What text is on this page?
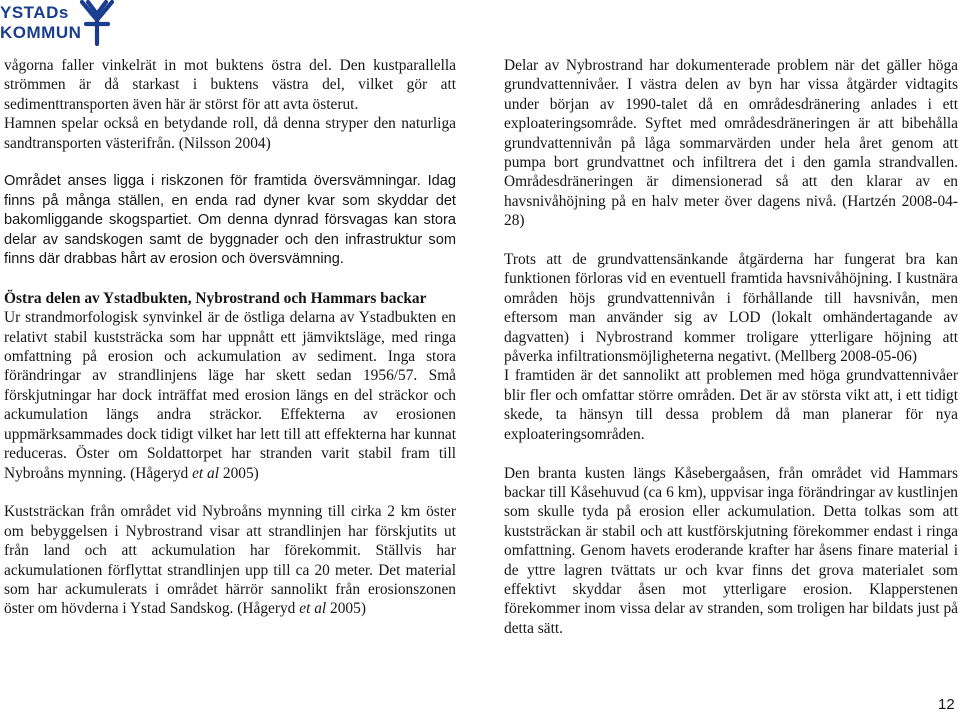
YSTADs
KOMMUN

vågorna faller vinkelrät in mot buktens östra del. Den kustparallella strömmen är då starkast i buktens västra del, vilket gör att sedimenttransporten även här är störst för att avta österut.

Hamnen spelar också en betydande roll, då denna stryper den naturliga sandtransporten västerifrån. (Nilsson 2004)

Området anses ligga i riskzonen för framtida översvämningar. Idag finns på många ställen, en enda rad dyner kvar som skyddar det bakomliggande skogspartiet. Om denna dynrad försvagas kan stora delar av sandskogen samt de byggnader och den infrastruktur som finns där drabbas hårt av erosion och översvämning.

Östra delen av Ystadbukten, Nybrostrand och Hammars backar

Ur strandmorfologisk synvinkel är de östliga delarna av Ystadbukten en relativt stabil kuststräcka som har uppnått ett jämviktsläge, med ringa omfattning på erosion och ackumulation av sediment. Inga stora förändringar av strandlinjens läge har skett sedan 1956/57. Små förskjutningar har dock inträffat med erosion längs en del sträckor och ackumulation längs andra sträckor. Effekterna av erosionen uppmärksammades dock tidigt vilket har lett till att effekterna har kunnat reduceras. Öster om Soldattorpet har stranden varit stabil fram till Nybroåns mynning. (Hågeryd et al 2005)

Kuststräckan från området vid Nybroåns mynning till cirka 2 km öster om bebyggelsen i Nybrostrand visar att strandlinjen har förskjutits ut från land och att ackumulation har förekommit. Ställvis har ackumulationen förflyttat strandlinjen upp till ca 20 meter. Det material som har ackumulerats i området härrör sannolikt från erosionszonen öster om hövderna i Ystad Sandskog. (Hågeryd et al 2005)

Delar av Nybrostrand har dokumenterade problem när det gäller höga grundvattennivåer. I västra delen av byn har vissa åtgärder vidtagits under början av 1990-talet då en områdesdränering anlades i ett exploateringsområde. Syftet med områdesdräneringen är att bibehålla grundvattennivån på låga sommarvärden under hela året genom att pumpa bort grundvattnet och infiltrera det i den gamla strandvallen. Områdesdräneringen är dimensionerad så att den klarar av en havsnivåhöjning på en halv meter över dagens nivå. (Hartzén 2008-04-28)

Trots att de grundvattensänkande åtgärderna har fungerat bra kan funktionen förloras vid en eventuell framtida havsnivåhöjning. I kustnära områden höjs grundvattennivån i förhållande till havsnivån, men eftersom man använder sig av LOD (lokalt omhändertagande av dagvatten) i Nybrostrand kommer troligare ytterligare höjning att påverka infiltrationsmöjligheterna negativt. (Mellberg 2008-05-06)

I framtiden är det sannolikt att problemen med höga grundvattennivåer blir fler och omfattar större områden. Det är av största vikt att, i ett tidigt skede, ta hänsyn till dessa problem då man planerar för nya exploateringsområden.

Den branta kusten längs Kåsebergaåsen, från området vid Hammars backar till Kåsehuvud (ca 6 km), uppvisar inga förändringar av kustlinjen som skulle tyda på erosion eller ackumulation. Detta tolkas som att kuststräckan är stabil och att kustförskjutning förekommer endast i ringa omfattning. Genom havets eroderande krafter har åsens finare material i de yttre lagren tvättats ur och kvar finns det grova materialet som effektivt skyddar åsen mot ytterligare erosion. Klapperstenen förekommer inom vissa delar av stranden, som troligen har bildats just på detta sätt.

12
